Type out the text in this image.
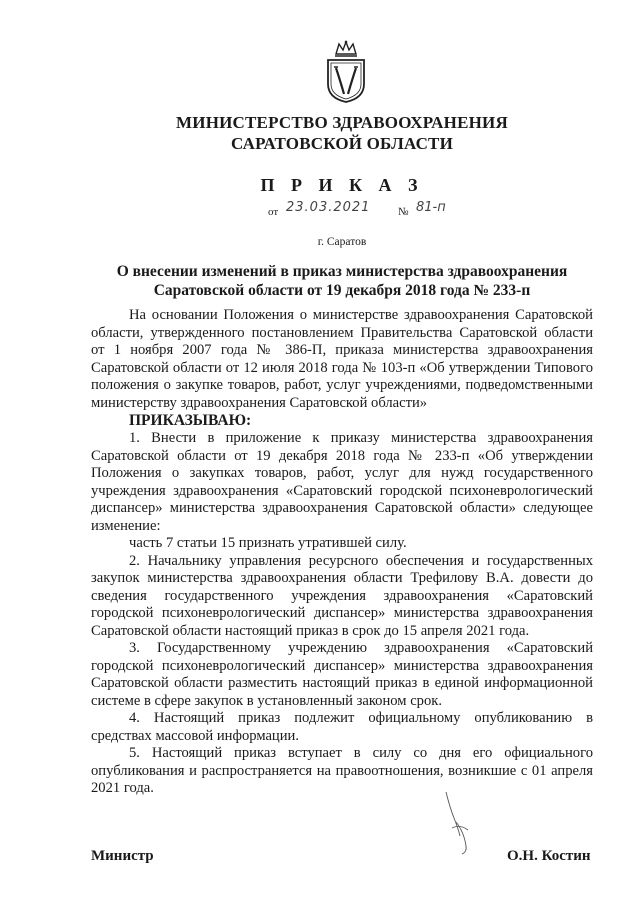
МИНИСТЕРСТВО ЗДРАВООХРАНЕНИЯ
САРАТОВСКОЙ ОБЛАСТИ
П Р И К А З
от 23.03.2021	№ 81-п
г. Саратов
О внесении изменений в приказ министерства здравоохранения
Саратовской области от 19 декабря 2018 года № 233-п

На основании Положения о министерстве здравоохранения Саратовской области, утвержденного постановлением Правительства Саратовской области от 1 ноября 2007 года № 386-П, приказа министерства здравоохранения Саратовской области от 12 июля 2018 года № 103-п «Об утверждении Типового положения о закупке товаров, работ, услуг учреждениями, подведомственными министерству здравоохранения Саратовской области»

ПРИКАЗЫВАЮ:

1. Внести в приложение к приказу министерства здравоохранения Саратовской области от 19 декабря 2018 года № 233-п «Об утверждении Положения о закупках товаров, работ, услуг для нужд государственного учреждения здравоохранения «Саратовский городской психоневрологический диспансер» министерства здравоохранения Саратовской области» следующее изменение:

часть 7 статьи 15 признать утратившей силу.

2. Начальнику управления ресурсного обеспечения и государственных закупок министерства здравоохранения области Трефилову В.А. довести до сведения государственного учреждения здравоохранения «Саратовский городской психоневрологический диспансер» министерства здравоохранения Саратовской области настоящий приказ в срок до 15 апреля 2021 года.

3. Государственному учреждению здравоохранения «Саратовский городской психоневрологический диспансер» министерства здравоохранения Саратовской области разместить настоящий приказ в единой информационной системе в сфере закупок в установленный законом срок.

4. Настоящий приказ подлежит официальному опубликованию в средствах массовой информации.

5. Настоящий приказ вступает в силу со дня его официального опубликования и распространяется на правоотношения, возникшие с 01 апреля 2021 года.

Министр	О.Н. Костин
